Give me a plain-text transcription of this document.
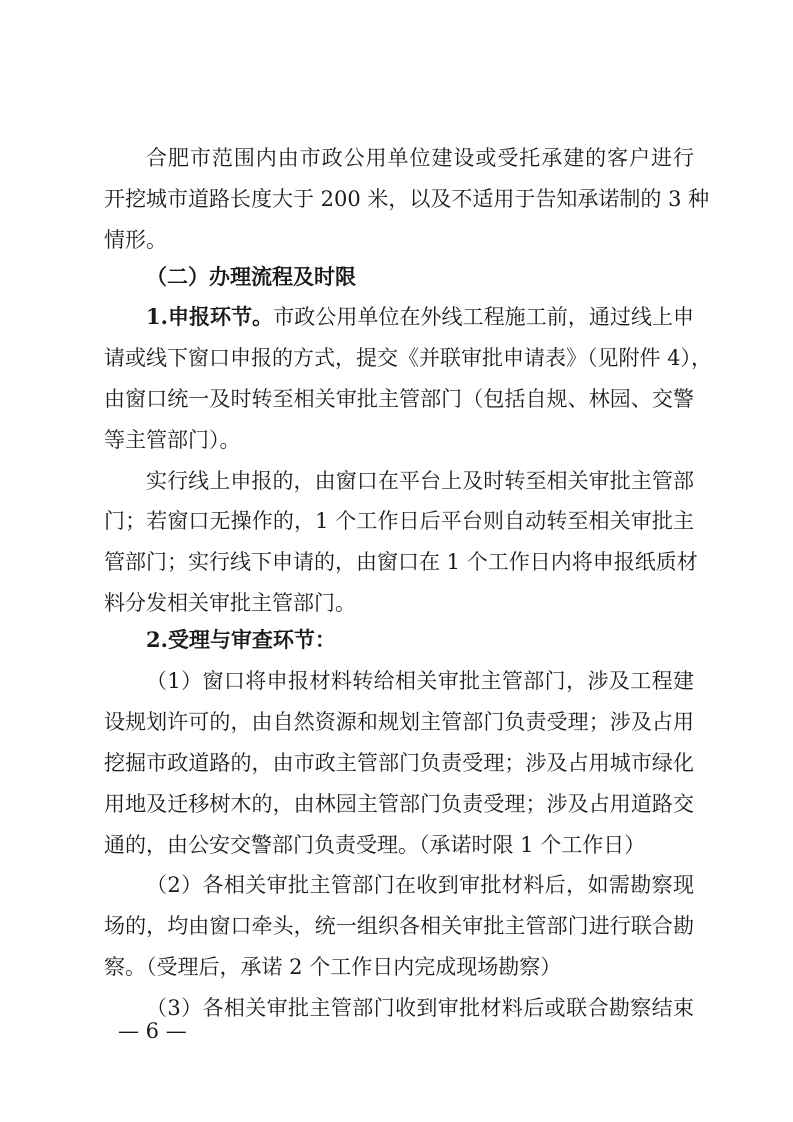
合肥市范围内由市政公用单位建设或受托承建的客户进行
开挖城市道路长度大于 200 米，以及不适用于告知承诺制的 3 种
情形。
（二）办理流程及时限
1.申报环节。市政公用单位在外线工程施工前，通过线上申
请或线下窗口申报的方式，提交《并联审批申请表》（见附件 4），
由窗口统一及时转至相关审批主管部门（包括自规、林园、交警
等主管部门）。
实行线上申报的，由窗口在平台上及时转至相关审批主管部
门；若窗口无操作的，1 个工作日后平台则自动转至相关审批主
管部门；实行线下申请的，由窗口在 1 个工作日内将申报纸质材
料分发相关审批主管部门。
2.受理与审查环节：
（1）窗口将申报材料转给相关审批主管部门，涉及工程建
设规划许可的，由自然资源和规划主管部门负责受理；涉及占用
挖掘市政道路的，由市政主管部门负责受理；涉及占用城市绿化
用地及迁移树木的，由林园主管部门负责受理；涉及占用道路交
通的，由公安交警部门负责受理。（承诺时限 1 个工作日）
（2）各相关审批主管部门在收到审批材料后，如需勘察现
场的，均由窗口牵头，统一组织各相关审批主管部门进行联合勘
察。（受理后，承诺 2 个工作日内完成现场勘察）
（3）各相关审批主管部门收到审批材料后或联合勘察结束
— 6 —
